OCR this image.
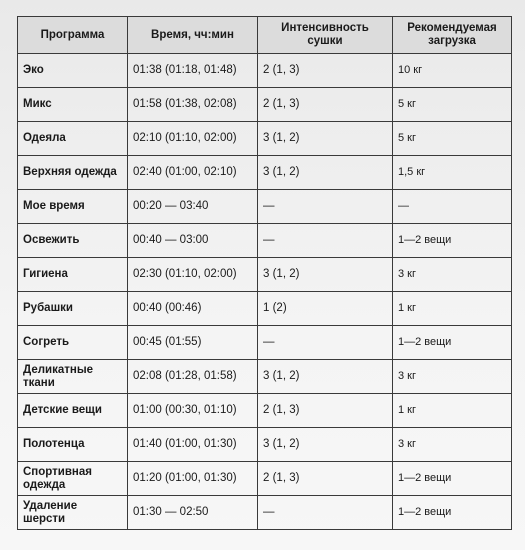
Программа	Время, чч:мин	Интенсивность сушки	Рекомендуемая загрузка
Эко	01:38 (01:18, 01:48)	2 (1, 3)	10 кг
Микс	01:58 (01:38, 02:08)	2 (1, 3)	5 кг
Одеяла	02:10 (01:10, 02:00)	3 (1, 2)	5 кг
Верхняя одежда	02:40 (01:00, 02:10)	3 (1, 2)	1,5 кг
Мое время	00:20 — 03:40	—	—
Освежить	00:40 — 03:00	—	1—2 вещи
Гигиена	02:30 (01:10, 02:00)	3 (1, 2)	3 кг
Рубашки	00:40 (00:46)	1 (2)	1 кг
Согреть	00:45 (01:55)	—	1—2 вещи
Деликатные ткани	02:08 (01:28, 01:58)	3 (1, 2)	3 кг
Детские вещи	01:00 (00:30, 01:10)	2 (1, 3)	1 кг
Полотенца	01:40 (01:00, 01:30)	3 (1, 2)	3 кг
Спортивная одежда	01:20 (01:00, 01:30)	2 (1, 3)	1—2 вещи
Удаление шерсти	01:30 — 02:50	—	1—2 вещи
